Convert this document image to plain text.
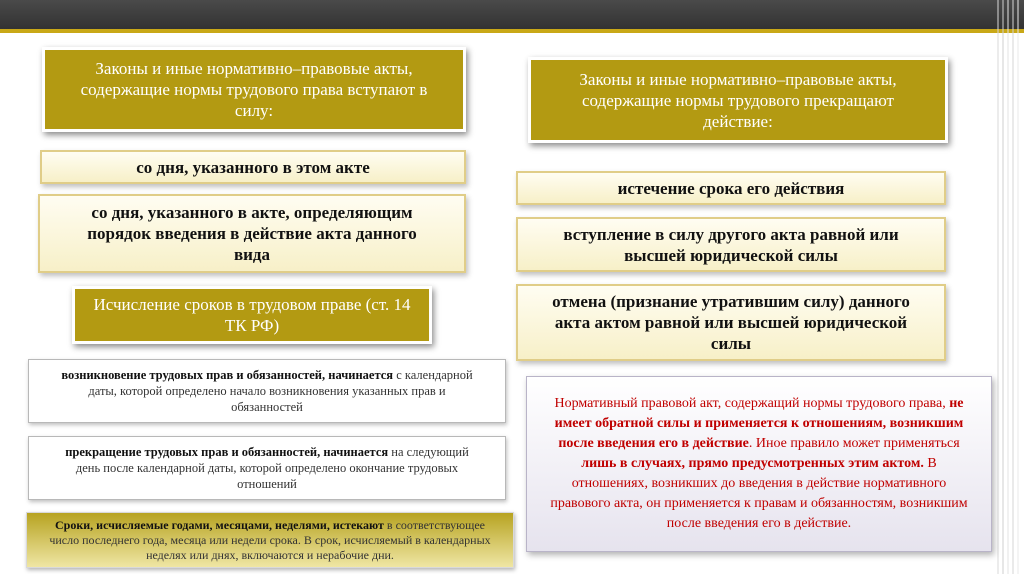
Законы и иные нормативно–правовые акты, содержащие нормы трудового права вступают в силу:
со дня, указанного в этом акте
со дня, указанного в акте, определяющим порядок введения в действие акта данного вида
Исчисление сроков в трудовом праве (ст. 14 ТК РФ)
возникновение трудовых прав и обязанностей, начинается с календарной даты, которой определено начало возникновения указанных прав и обязанностей
прекращение трудовых прав и обязанностей, начинается на следующий день после календарной даты, которой определено окончание трудовых отношений
Сроки, исчисляемые годами, месяцами, неделями, истекают в соответствующее число последнего года, месяца или недели срока. В срок, исчисляемый в календарных неделях или днях, включаются и нерабочие дни.
Законы и иные нормативно–правовые акты, содержащие нормы трудового прекращают действие:
истечение срока его действия
вступление в силу другого акта равной или высшей юридической силы
отмена (признание утратившим силу) данного акта актом равной или высшей юридической силы
Нормативный правовой акт, содержащий нормы трудового права, не имеет обратной силы и применяется к отношениям, возникшим после введения его в действие. Иное правило может применяться лишь в случаях, прямо предусмотренных этим актом. В отношениях, возникших до введения в действие нормативного правового акта, он применяется к правам и обязанностям, возникшим после введения его в действие.
